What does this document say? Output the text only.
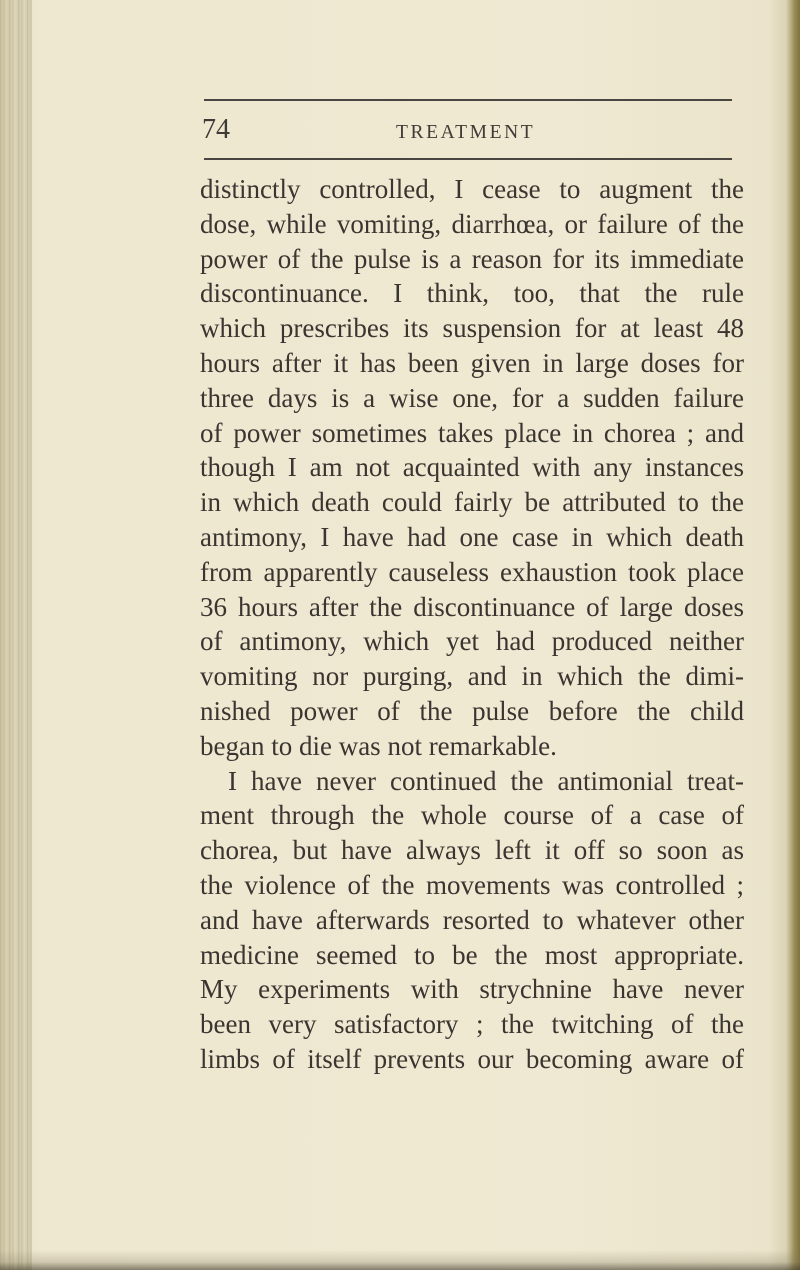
74	TREATMENT
distinctly controlled, I cease to augment the
dose, while vomiting, diarrhœa, or failure of the
power of the pulse is a reason for its immediate
discontinuance. I think, too, that the rule
which prescribes its suspension for at least 48
hours after it has been given in large doses for
three days is a wise one, for a sudden failure
of power sometimes takes place in chorea ; and
though I am not acquainted with any instances
in which death could fairly be attributed to the
antimony, I have had one case in which death
from apparently causeless exhaustion took place
36 hours after the discontinuance of large doses
of antimony, which yet had produced neither
vomiting nor purging, and in which the dimi-
nished power of the pulse before the child
began to die was not remarkable.
I have never continued the antimonial treat-
ment through the whole course of a case of
chorea, but have always left it off so soon as
the violence of the movements was controlled ;
and have afterwards resorted to whatever other
medicine seemed to be the most appropriate.
My experiments with strychnine have never
been very satisfactory ; the twitching of the
limbs of itself prevents our becoming aware of
